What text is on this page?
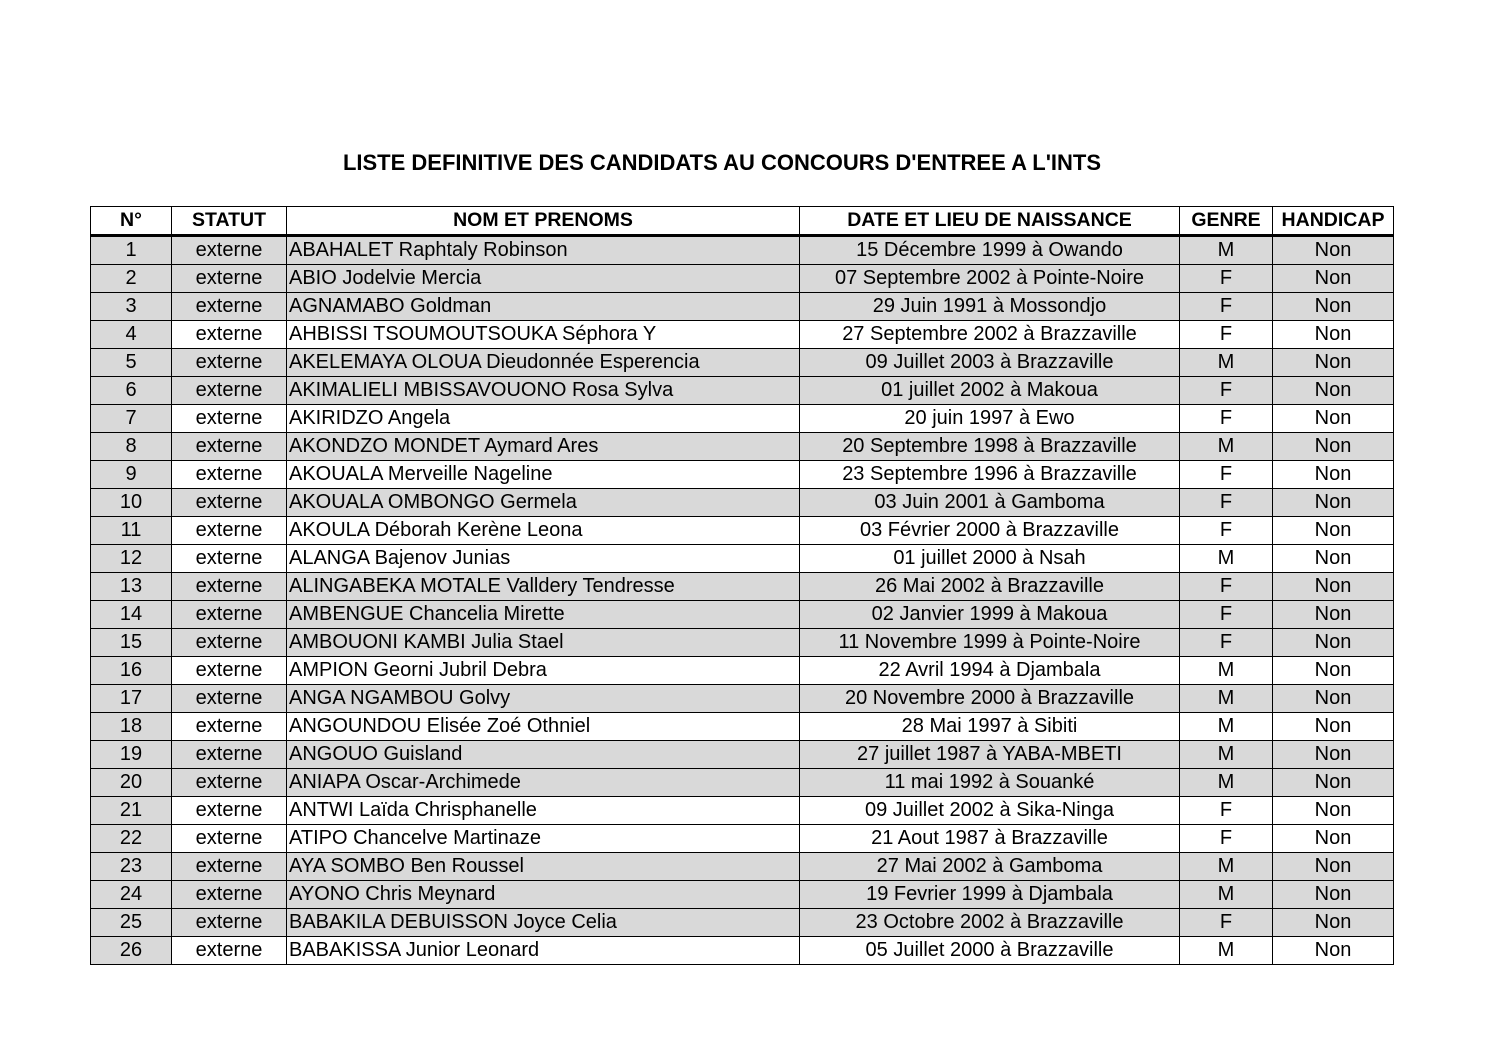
LISTE DEFINITIVE DES CANDIDATS AU CONCOURS D'ENTREE A L'INTS
N°	STATUT	NOM ET PRENOMS	DATE ET LIEU DE NAISSANCE	GENRE	HANDICAP
1	externe	ABAHALET Raphtaly Robinson	15 Décembre 1999 à Owando	M	Non
2	externe	ABIO Jodelvie Mercia	07 Septembre 2002 à Pointe-Noire	F	Non
3	externe	AGNAMABO Goldman	29 Juin 1991 à Mossondjo	F	Non
4	externe	AHBISSI TSOUMOUTSOUKA Séphora Y	27 Septembre 2002 à Brazzaville	F	Non
5	externe	AKELEMAYA OLOUA Dieudonnée Esperencia	09 Juillet 2003 à Brazzaville	M	Non
6	externe	AKIMALIELI MBISSAVOUONO Rosa Sylva	01 juillet 2002 à Makoua	F	Non
7	externe	AKIRIDZO Angela	20 juin 1997 à Ewo	F	Non
8	externe	AKONDZO MONDET Aymard Ares	20 Septembre 1998 à Brazzaville	M	Non
9	externe	AKOUALA Merveille Nageline	23 Septembre 1996 à Brazzaville	F	Non
10	externe	AKOUALA OMBONGO Germela	03 Juin 2001 à Gamboma	F	Non
11	externe	AKOULA Déborah Kerène Leona	03 Février 2000 à Brazzaville	F	Non
12	externe	ALANGA Bajenov Junias	01 juillet 2000 à Nsah	M	Non
13	externe	ALINGABEKA MOTALE Valldery Tendresse	26 Mai 2002 à Brazzaville	F	Non
14	externe	AMBENGUE Chancelia Mirette	02 Janvier 1999 à Makoua	F	Non
15	externe	AMBOUONI KAMBI Julia Stael	11 Novembre 1999 à Pointe-Noire	F	Non
16	externe	AMPION Georni Jubril Debra	22 Avril 1994 à Djambala	M	Non
17	externe	ANGA NGAMBOU Golvy	20 Novembre 2000 à Brazzaville	M	Non
18	externe	ANGOUNDOU Elisée Zoé Othniel	28 Mai 1997 à Sibiti	M	Non
19	externe	ANGOUO Guisland	27 juillet 1987 à YABA-MBETI	M	Non
20	externe	ANIAPA Oscar-Archimede	11 mai 1992 à Souanké	M	Non
21	externe	ANTWI Laïda Chrisphanelle	09 Juillet 2002 à Sika-Ninga	F	Non
22	externe	ATIPO Chancelve Martinaze	21 Aout 1987 à Brazzaville	F	Non
23	externe	AYA SOMBO Ben Roussel	27 Mai 2002 à Gamboma	M	Non
24	externe	AYONO Chris Meynard	19 Fevrier 1999 à Djambala	M	Non
25	externe	BABAKILA DEBUISSON Joyce Celia	23 Octobre 2002 à Brazzaville	F	Non
26	externe	BABAKISSA Junior Leonard	05 Juillet 2000 à Brazzaville	M	Non
